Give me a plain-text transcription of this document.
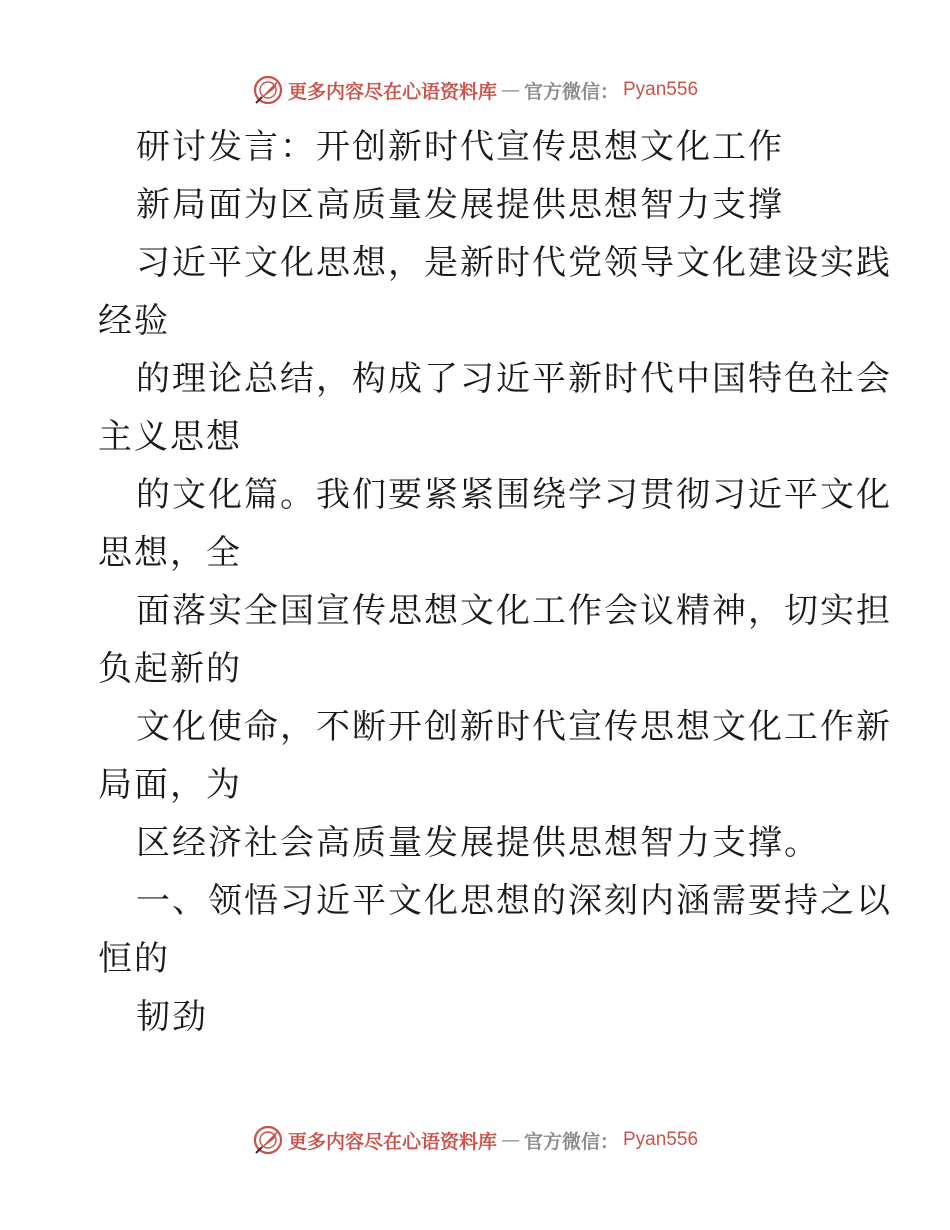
更多内容尽在心语资料库 — 官方微信： Pyan556
研讨发言：开创新时代宣传思想文化工作
新局面为区高质量发展提供思想智力支撑
习近平文化思想，是新时代党领导文化建设实践
经验
的理论总结，构成了习近平新时代中国特色社会
主义思想
的文化篇。我们要紧紧围绕学习贯彻习近平文化
思想，全
面落实全国宣传思想文化工作会议精神，切实担
负起新的
文化使命，不断开创新时代宣传思想文化工作新
局面，为
区经济社会高质量发展提供思想智力支撑。
一、领悟习近平文化思想的深刻内涵需要持之以
恒的
韧劲
更多内容尽在心语资料库 — 官方微信： Pyan556
